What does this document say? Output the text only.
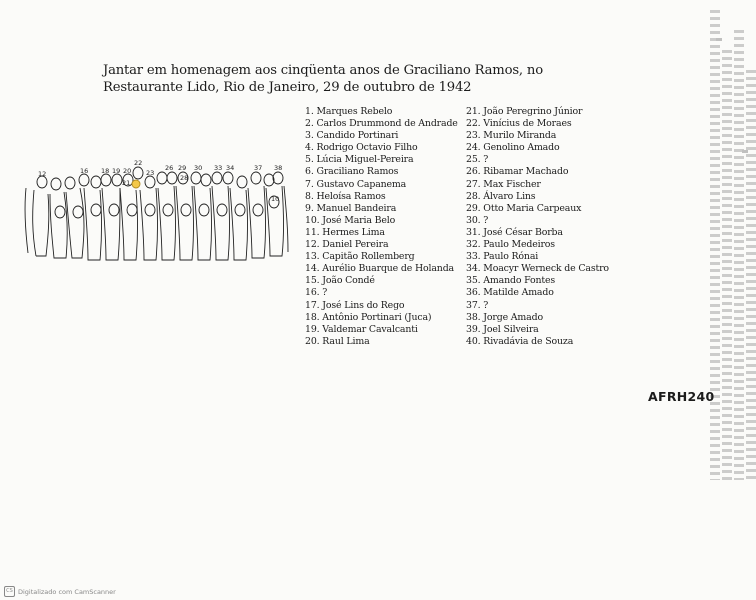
Jantar em homenagem aos cinqüenta anos de Graciliano Ramos, no
Restaurante Lido, Rio de Janeiro, 29 de outubro de 1942
12	16 18 19 20
22
21
23
26 29
28
30 33 34	37 38
10
1. Marques Rebelo
2. Carlos Drummond de Andrade
3. Candido Portinari
4. Rodrigo Octavio Filho
5. Lúcia Miguel-Pereira
6. Graciliano Ramos
7. Gustavo Capanema
8. Heloísa Ramos
9. Manuel Bandeira
10. José Maria Belo
11. Hermes Lima
12. Daniel Pereira
13. Capitão Rollemberg
14. Aurélio Buarque de Holanda
15. João Condé
16. ?
17. José Lins do Rego
18. Antônio Portinari (Juca)
19. Valdemar Cavalcanti
20. Raul Lima
21. João Peregrino Júnior
22. Vinícius de Moraes
23. Murilo Miranda
24. Genolino Amado
25. ?
26. Ribamar Machado
27. Max Fischer
28. Álvaro Lins
29. Otto Maria Carpeaux
30. ?
31. José César Borba
32. Paulo Medeiros
33. Paulo Rónai
34. Moacyr Werneck de Castro
35. Amando Fontes
36. Matilde Amado
37. ?
38. Jorge Amado
39. Joel Silveira
40. Rivadávia de Souza
AFRH240
CS Digitalizado com CamScanner
